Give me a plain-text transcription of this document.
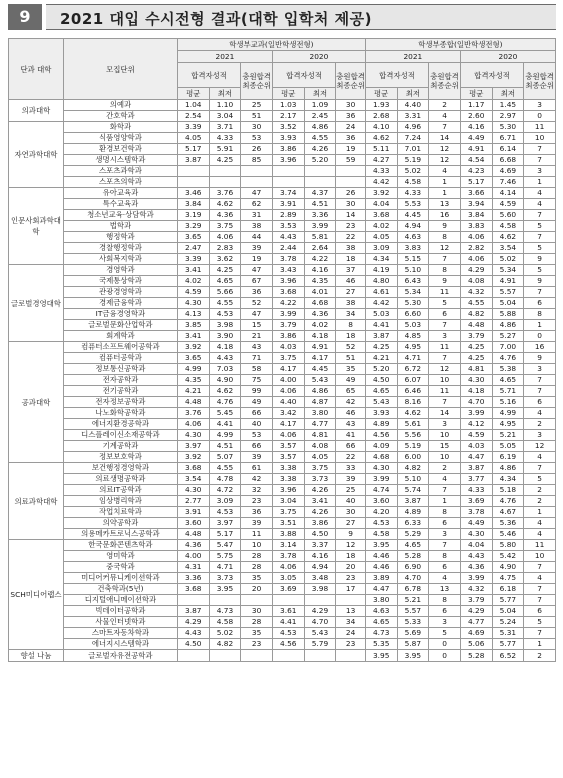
9	2021 대입 수시전형 결과(대학 입학처 제공)
단과 대학	모집단위	학생부교과(일반학생전형)						학생부종합(일반학생전형)					
		2021			2020			2021			2020		
		합격자성적		충원합격최종순위	합격자성적		충원합격최종순위	합격자성적		충원합격최종순위	합격자성적		충원합격최종순위
		평균	최저		평균	최저		평균	최저		평균	최저	
의과대학	의예과	1.04	1.10	25	1.03	1.09	30	1.93	4.40	2	1.17	1.45	3
	간호학과	2.54	3.04	51	2.17	2.45	36	2.68	3.31	4	2.60	2.97	0
자연과학대학	화학과	3.39	3.71	30	3.52	4.86	24	4.10	4.96	7	4.16	5.30	11
	식품영양학과	4.05	4.33	53	3.93	4.55	36	4.62	7.24	14	4.49	6.71	10
	환경보건학과	5.17	5.91	26	3.86	4.26	19	5.11	7.01	12	4.91	6.14	7
	생명시스템학과	3.87	4.25	85	3.96	5.20	59	4.27	5.19	12	4.54	6.68	7
	스포츠과학과							4.33	5.02	4	4.23	4.69	3
	스포츠의학과							4.42	4.58	1	5.17	7.46	1
인문사회과학대학	유아교육과	3.46	3.76	47	3.74	4.37	26	3.92	4.33	1	3.66	4.14	4
	특수교육과	3.84	4.62	62	3.91	4.51	30	4.04	5.53	13	3.94	4.59	4
	청소년교육·상담학과	3.19	4.36	31	2.89	3.36	14	3.68	4.45	16	3.84	5.60	7
	법학과	3.29	3.75	38	3.53	3.99	23	4.02	4.94	9	3.83	4.58	5
	행정학과	3.65	4.06	44	4.43	5.81	22	4.05	4.63	8	4.06	4.62	7
	경찰행정학과	2.47	2.83	39	2.44	2.64	38	3.09	3.83	12	2.82	3.54	5
	사회복지학과	3.39	3.62	19	3.78	4.22	18	4.34	5.15	7	4.06	5.02	9
글로벌경영대학	경영학과	3.41	4.25	47	3.43	4.16	37	4.19	5.10	8	4.29	5.34	5
	국제통상학과	4.02	4.65	67	3.96	4.35	46	4.80	6.43	9	4.08	4.91	9
	관광경영학과	4.59	5.66	36	3.68	4.01	27	4.61	5.34	11	4.32	5.57	7
	경제금융학과	4.30	4.55	52	4.22	4.68	38	4.42	5.30	5	4.55	5.04	6
	IT금융경영학과	4.13	4.53	47	3.99	4.36	34	5.03	6.60	6	4.82	5.88	8
	글로벌문화산업학과	3.85	3.98	15	3.79	4.02	8	4.41	5.03	7	4.48	4.86	1
	회계학과	3.41	3.90	21	3.86	4.18	18	3.87	4.85	3	3.79	5.27	0
공과대학	컴퓨터소프트웨어공학과	3.92	4.18	43	4.03	4.91	52	4.25	4.95	11	4.25	7.00	16
	컴퓨터공학과	3.65	4.43	71	3.75	4.17	51	4.21	4.71	7	4.25	4.76	9
	정보통신공학과	4.99	7.03	58	4.17	4.45	35	5.20	6.72	12	4.81	5.38	3
	전자공학과	4.35	4.90	75	4.00	5.43	49	4.50	6.07	10	4.30	4.65	7
	전기공학과	4.21	4.62	99	4.06	4.86	65	4.65	6.46	11	4.18	5.71	7
	전자정보공학과	4.48	4.76	49	4.40	4.87	42	5.43	8.16	7	4.70	5.16	6
	나노화학공학과	3.76	5.45	66	3.42	3.80	46	3.93	4.62	14	3.99	4.99	4
	에너지환경공학과	4.06	4.41	40	4.17	4.77	43	4.89	5.61	3	4.12	4.95	2
	디스플레이신소재공학과	4.30	4.99	53	4.06	4.81	41	4.56	5.56	10	4.59	5.21	3
	기계공학과	3.97	4.51	66	3.57	4.08	66	4.09	5.19	15	4.03	5.05	12
	정보보호학과	3.92	5.07	39	3.57	4.05	22	4.68	6.00	10	4.47	6.19	4
의료과학대학	보건행정경영학과	3.68	4.55	61	3.38	3.75	33	4.30	4.82	2	3.87	4.86	7
	의료생명공학과	3.54	4.78	42	3.38	3.73	39	3.99	5.10	4	3.77	4.34	5
	의료IT공학과	4.30	4.72	32	3.96	4.26	25	4.74	5.74	7	4.33	5.18	2
	임상병리학과	2.77	3.09	23	3.04	3.41	40	3.60	3.87	1	3.69	4.76	2
	작업치료학과	3.91	4.53	36	3.75	4.26	30	4.20	4.89	8	3.78	4.67	1
	의약공학과	3.60	3.97	39	3.51	3.86	27	4.53	6.33	6	4.49	5.36	4
	의용메카트로닉스공학과	4.48	5.17	11	3.88	4.50	9	4.58	5.29	3	4.30	5.46	4
SCH미디어랩스	한국문화콘텐츠학과	4.36	5.47	10	3.14	3.37	12	3.95	4.65	7	4.04	5.80	11
	영미학과	4.00	5.75	28	3.78	4.16	18	4.46	5.28	8	4.43	5.42	10
	중국학과	4.31	4.71	28	4.06	4.94	20	4.46	6.90	6	4.36	4.90	7
	미디어커뮤니케이션학과	3.36	3.73	35	3.05	3.48	23	3.89	4.70	4	3.99	4.75	4
	건축학과(5년)	3.68	3.95	20	3.69	3.98	17	4.47	6.78	13	4.32	6.18	7
	디지털애니메이션학과							3.80	5.21	8	3.79	5.77	7
	빅데이터공학과	3.87	4.73	30	3.61	4.29	13	4.63	5.57	6	4.29	5.04	6
	사물인터넷학과	4.29	4.58	28	4.41	4.70	34	4.65	5.33	3	4.77	5.24	5
	스마트자동차학과	4.43	5.02	35	4.53	5.43	24	4.73	5.69	5	4.69	5.31	7
	에너지시스템학과	4.50	4.82	23	4.56	5.79	23	5.35	5.87	0	5.06	5.77	1
향설 나눔	글로벌자유전공학과							3.95	3.95	0	5.28	6.52	2
